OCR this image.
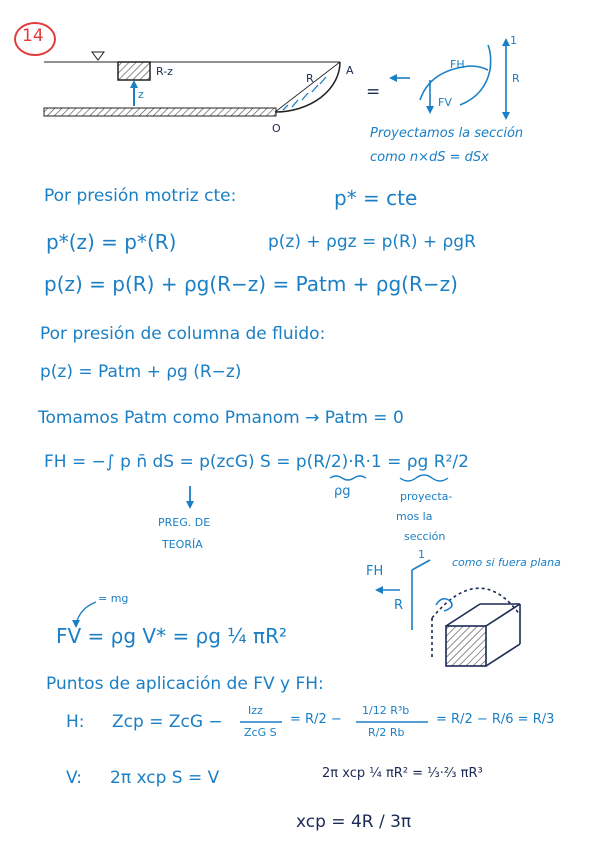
14
R-z
z
R
A
O
=
FH
FV
1
R
Proyectamos la sección
como n×dS = dSx
Por presión motriz cte:	p* = cte
p*(z) = p*(R)	p(z) + ρgz = p(R) + ρgR
p(z) = p(R) + ρg(R−z) = Patm + ρg(R−z)
Por presión de columna de fluido:
p(z) = Patm + ρg (R−z)
Tomamos Patm como Pmanom → Patm = 0
FH = −∫ p n̄ dS = p(zcG) S = p(R/2)·R·1 = ρg R²/2
ρg
PREG. DE
TEORÍA
proyecta-
mos la
sección
FH
1
R
como si fuera plana
= mg
FV = ρg V* = ρg ¼ πR²
Puntos de aplicación de FV y FH:
H: Zcp = ZcG −
Izz
ZcG S
= R/2 −
1/12 R³b
R/2 Rb
= R/2 − R/6 = R/3
V: 2π xcp S = V	2π xcp ¼ πR² = ⅓·⅔ πR³
xcp = 4R / 3π
